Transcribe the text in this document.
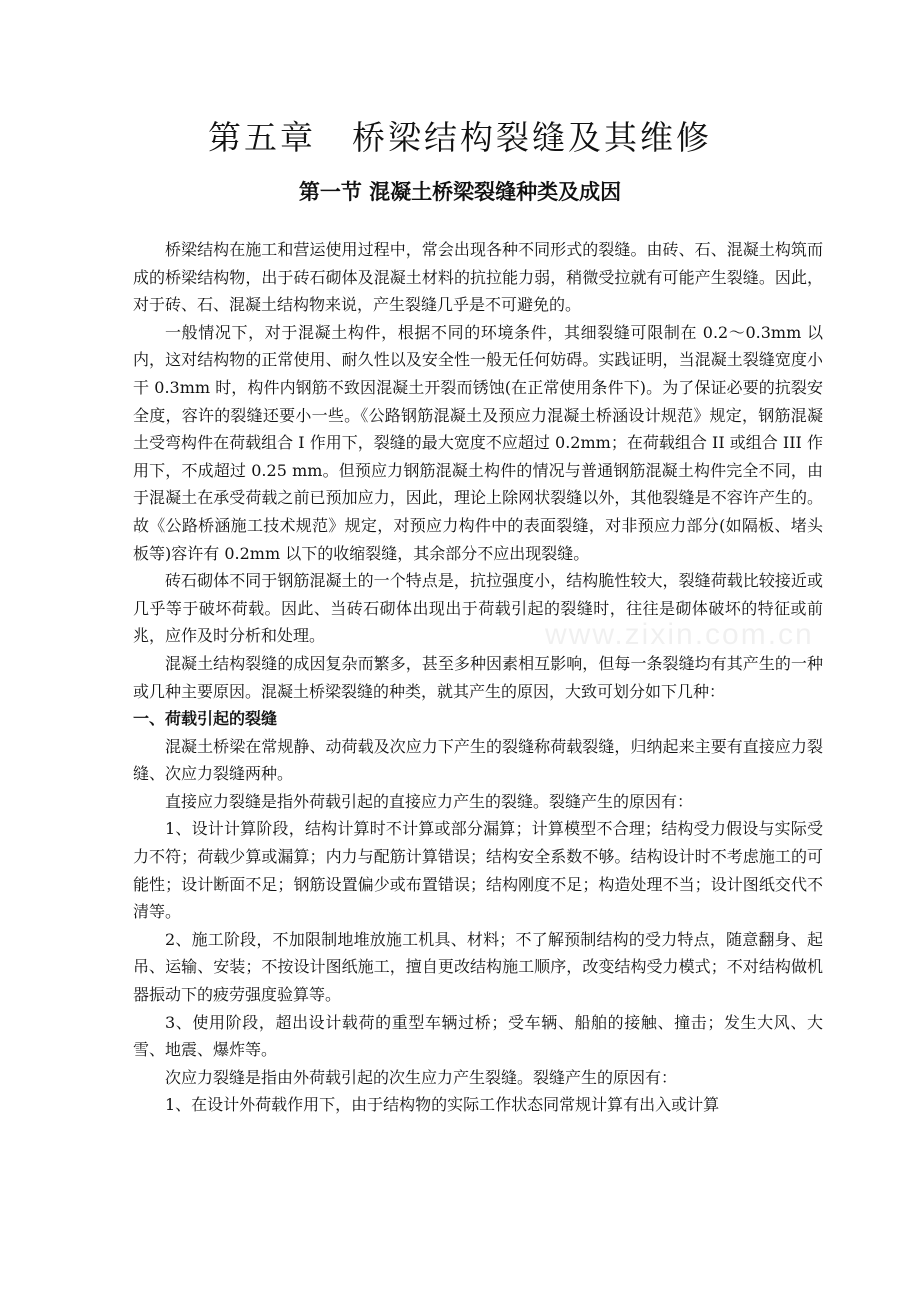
www.zixin.com.cn
第五章　桥梁结构裂缝及其维修
第一节 混凝土桥梁裂缝种类及成因

桥梁结构在施工和营运使用过程中，常会出现各种不同形式的裂缝。由砖、石、混凝土构筑而成的桥梁结构物，出于砖石砌体及混凝土材料的抗拉能力弱，稍微受拉就有可能产生裂缝。因此，对于砖、石、混凝土结构物来说，产生裂缝几乎是不可避免的。

一般情况下，对于混凝土构件，根据不同的环境条件，其细裂缝可限制在 0.2～0.3mm 以内，这对结构物的正常使用、耐久性以及安全性一般无任何妨碍。实践证明，当混凝土裂缝宽度小干 0.3mm 时，构件内钢筋不致因混凝土开裂而锈蚀(在正常使用条件下)。为了保证必要的抗裂安全度，容许的裂缝还要小一些。《公路钢筋混凝土及预应力混凝土桥涵设计规范》规定，钢筋混凝土受弯构件在荷载组合 I 作用下，裂缝的最大宽度不应超过 0.2mm；在荷载组合 II 或组合 III 作用下，不成超过 0.25 mm。但预应力钢筋混凝土构件的情况与普通钢筋混凝土构件完全不同，由于混凝土在承受荷载之前已预加应力，因此，理论上除网状裂缝以外，其他裂缝是不容许产生的。故《公路桥涵施工技术规范》规定，对预应力构件中的表面裂缝，对非预应力部分(如隔板、堵头板等)容许有 0.2mm 以下的收缩裂缝，其余部分不应出现裂缝。

砖石砌体不同于钢筋混凝土的一个特点是，抗拉强度小，结构脆性较大，裂缝荷载比较接近或几乎等于破坏荷载。因此、当砖石砌体出现出于荷载引起的裂缝时，往往是砌体破坏的特征或前兆，应作及时分析和处理。

混凝土结构裂缝的成因复杂而繁多，甚至多种因素相互影响，但每一条裂缝均有其产生的一种或几种主要原因。混凝土桥梁裂缝的种类，就其产生的原因，大致可划分如下几种：

一、荷载引起的裂缝

混凝土桥梁在常规静、动荷载及次应力下产生的裂缝称荷载裂缝，归纳起来主要有直接应力裂缝、次应力裂缝两种。

直接应力裂缝是指外荷载引起的直接应力产生的裂缝。裂缝产生的原因有：

1、设计计算阶段，结构计算时不计算或部分漏算；计算模型不合理；结构受力假设与实际受力不符；荷载少算或漏算；内力与配筋计算错误；结构安全系数不够。结构设计时不考虑施工的可能性；设计断面不足；钢筋设置偏少或布置错误；结构刚度不足；构造处理不当；设计图纸交代不清等。

2、施工阶段，不加限制地堆放施工机具、材料；不了解预制结构的受力特点，随意翻身、起吊、运输、安装；不按设计图纸施工，擅自更改结构施工顺序，改变结构受力模式；不对结构做机器振动下的疲劳强度验算等。

3、使用阶段，超出设计载荷的重型车辆过桥；受车辆、船舶的接触、撞击；发生大风、大雪、地震、爆炸等。

次应力裂缝是指由外荷载引起的次生应力产生裂缝。裂缝产生的原因有：

1、在设计外荷载作用下，由于结构物的实际工作状态同常规计算有出入或计算
